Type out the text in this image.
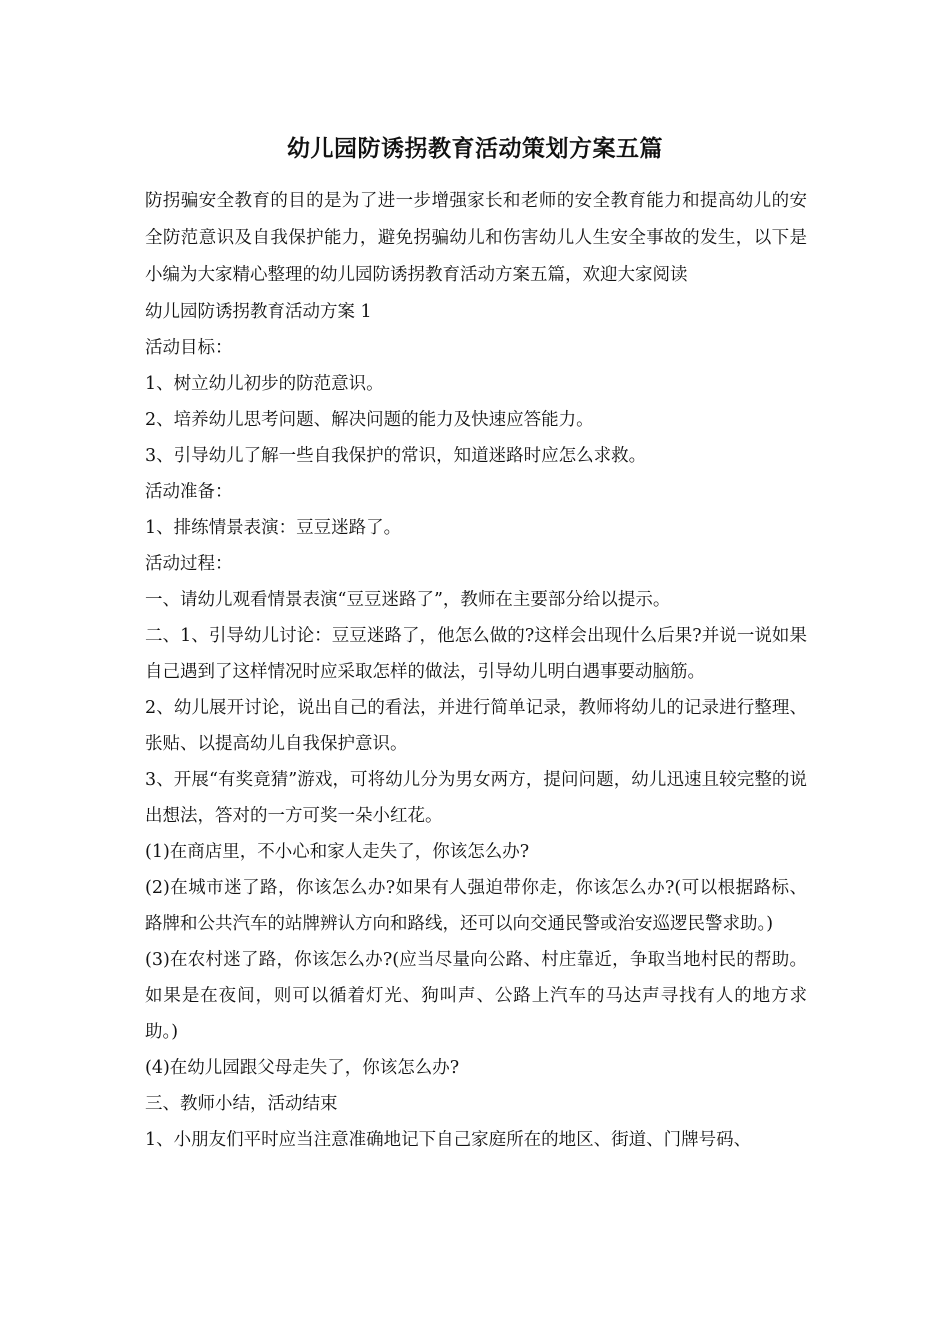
幼儿园防诱拐教育活动策划方案五篇

防拐骗安全教育的目的是为了进一步增强家长和老师的安全教育能力和提高幼儿的安全防范意识及自我保护能力，避免拐骗幼儿和伤害幼儿人生安全事故的发生，以下是小编为大家精心整理的幼儿园防诱拐教育活动方案五篇，欢迎大家阅读

幼儿园防诱拐教育活动方案 1

活动目标：

1、树立幼儿初步的防范意识。

2、培养幼儿思考问题、解决问题的能力及快速应答能力。

3、引导幼儿了解一些自我保护的常识，知道迷路时应怎么求救。

活动准备：

1、排练情景表演：豆豆迷路了。

活动过程：

一、请幼儿观看情景表演“豆豆迷路了”，教师在主要部分给以提示。

二、1、引导幼儿讨论：豆豆迷路了，他怎么做的?这样会出现什么后果?并说一说如果自己遇到了这样情况时应采取怎样的做法，引导幼儿明白遇事要动脑筋。

2、幼儿展开讨论，说出自己的看法，并进行简单记录，教师将幼儿的记录进行整理、张贴、以提高幼儿自我保护意识。

3、开展“有奖竟猜”游戏，可将幼儿分为男女两方，提问问题，幼儿迅速且较完整的说出想法，答对的一方可奖一朵小红花。

(1)在商店里，不小心和家人走失了，你该怎么办?

(2)在城市迷了路，你该怎么办?如果有人强迫带你走，你该怎么办?(可以根据路标、路牌和公共汽车的站牌辨认方向和路线，还可以向交通民警或治安巡逻民警求助。)

(3)在农村迷了路，你该怎么办?(应当尽量向公路、村庄靠近，争取当地村民的帮助。如果是在夜间，则可以循着灯光、狗叫声、公路上汽车的马达声寻找有人的地方求助。)

(4)在幼儿园跟父母走失了，你该怎么办?

三、教师小结，活动结束

1、小朋友们平时应当注意准确地记下自己家庭所在的地区、街道、门牌号码、
